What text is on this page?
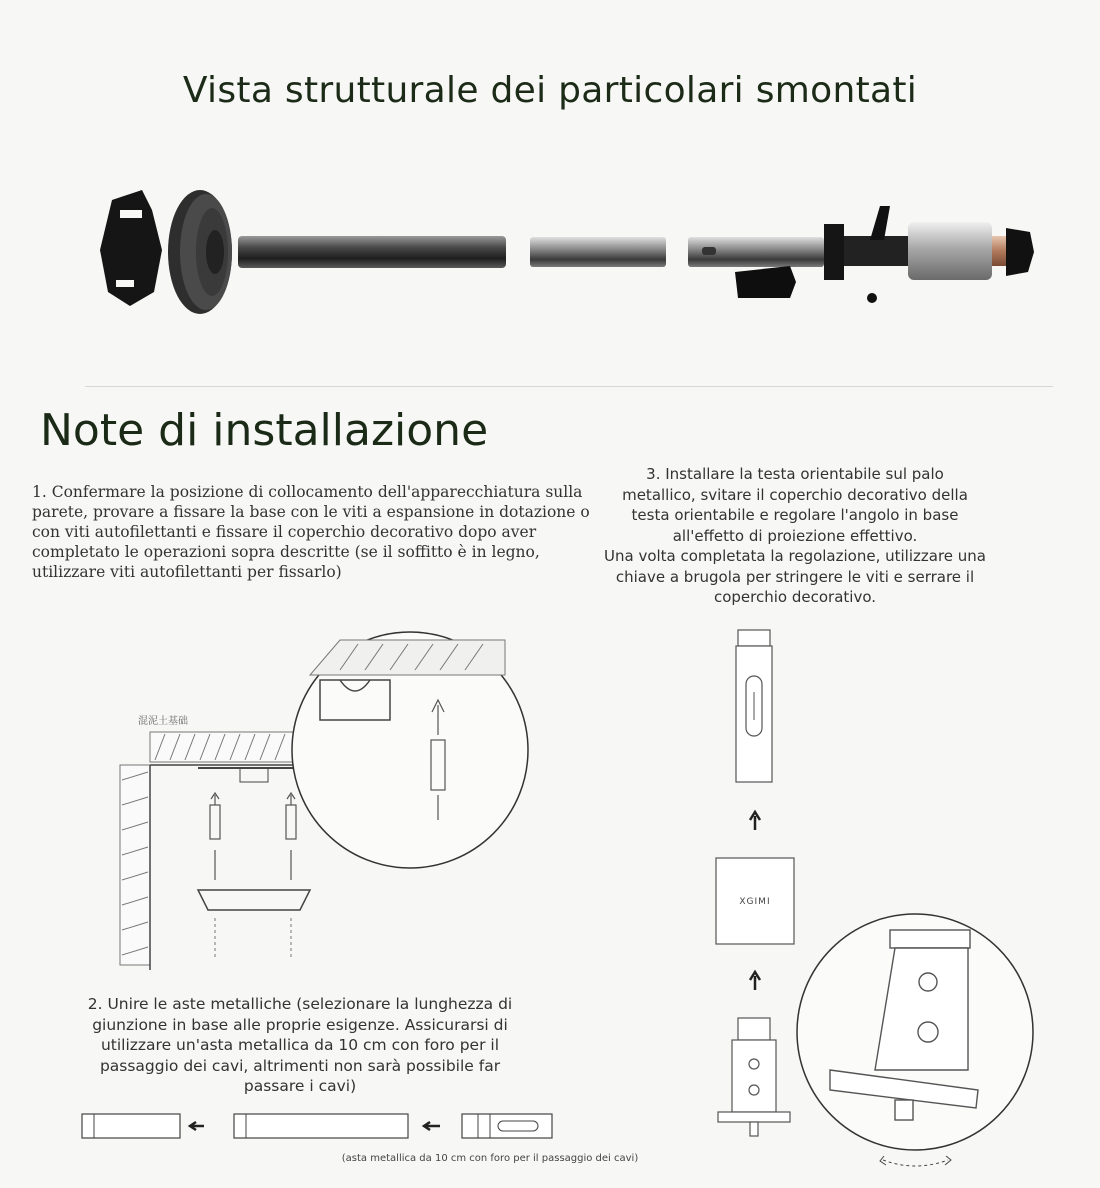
Vista strutturale dei particolari smontati
Note di installazione
1. Confermare la posizione di collocamento dell'apparecchiatura sulla parete, provare a fissare la base con le viti a espansione in dotazione o con viti autofilettanti e fissare il coperchio decorativo dopo aver completato le operazioni sopra descritte (se il soffitto è in legno, utilizzare viti autofilettanti per fissarlo)
3. Installare la testa orientabile sul palo metallico, svitare il coperchio decorativo della testa orientabile e regolare l'angolo in base all'effetto di proiezione effettivo.
Una volta completata la regolazione, utilizzare una chiave a brugola per stringere le viti e serrare il coperchio decorativo.
混泥土基础
2. Unire le aste metalliche (selezionare la lunghezza di giunzione in base alle proprie esigenze. Assicurarsi di utilizzare un'asta metallica da 10 cm con foro per il passaggio dei cavi, altrimenti non sarà possibile far passare i cavi)
(asta metallica da 10 cm con foro per il passaggio dei cavi)
XGIMI
